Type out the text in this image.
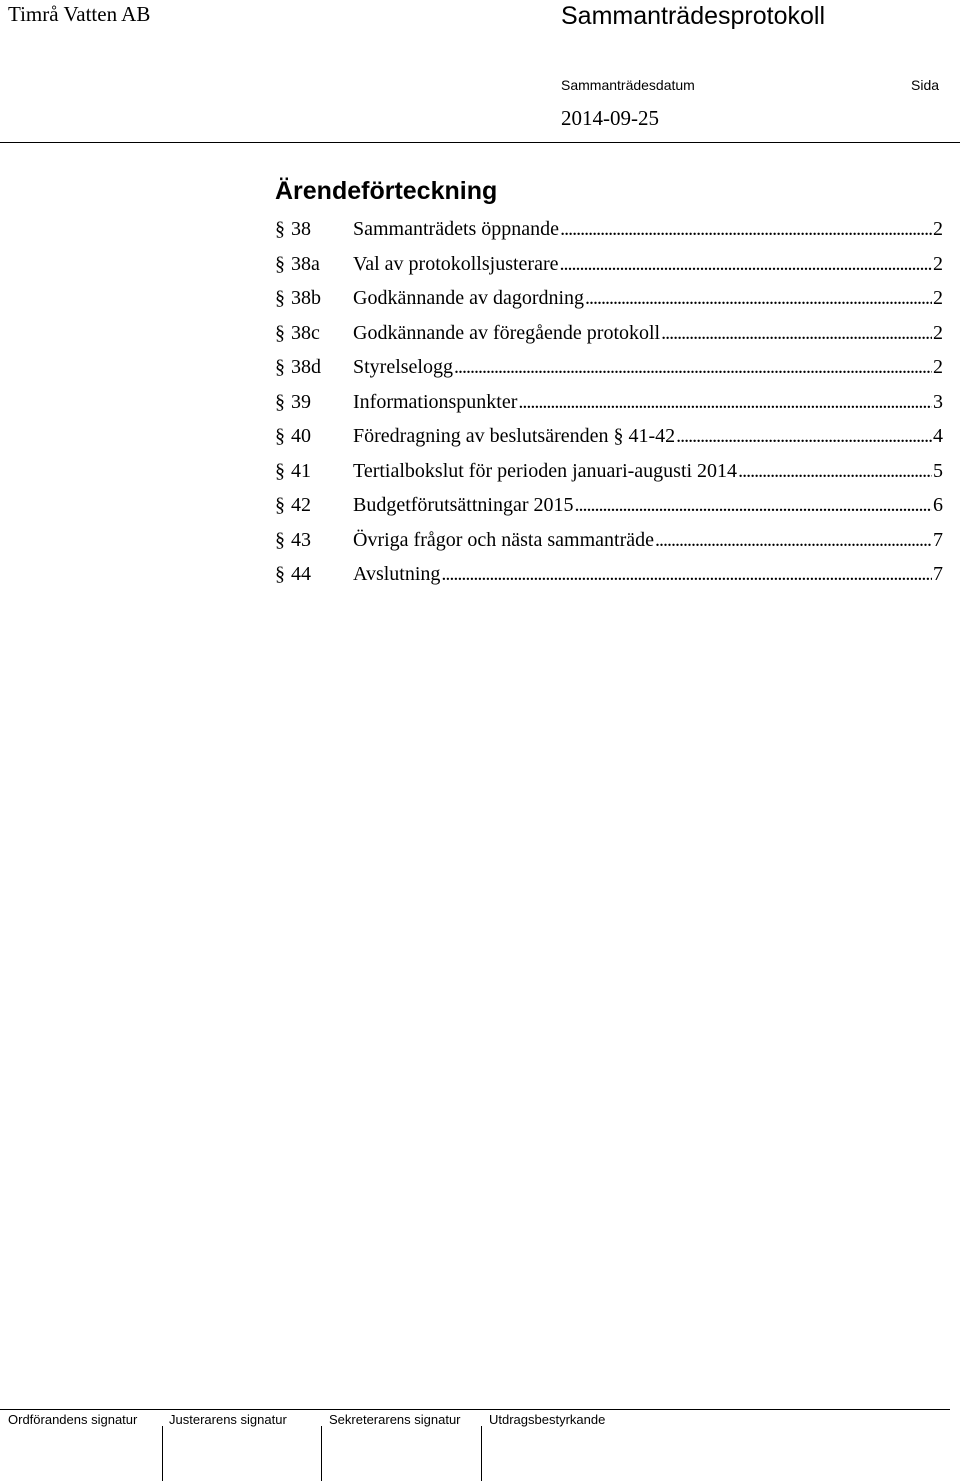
Timrå Vatten AB	Sammanträdesprotokoll
Sammanträdesdatum	Sida
2014-09-25
Ärendeförteckning
§ 38	Sammanträdets öppnande . . .	2
§ 38a	Val av protokollsjusterare . . .	2
§ 38b	Godkännande av dagordning . . .	2
§ 38c	Godkännande av föregående protokoll . . .	2
§ 38d	Styrelselogg . . .	2
§ 39	Informationspunkter . . .	3
§ 40	Föredragning av beslutsärenden § 41-42 . . .	4
§ 41	Tertialbokslut för perioden januari-augusti 2014 . . .	5
§ 42	Budgetförutsättningar 2015 . . .	6
§ 43	Övriga frågor och nästa sammanträde . . .	7
§ 44	Avslutning . . .	7
Ordförandens signatur Justerarens signatur	Sekreterarens signatur Utdragsbestyrkande
